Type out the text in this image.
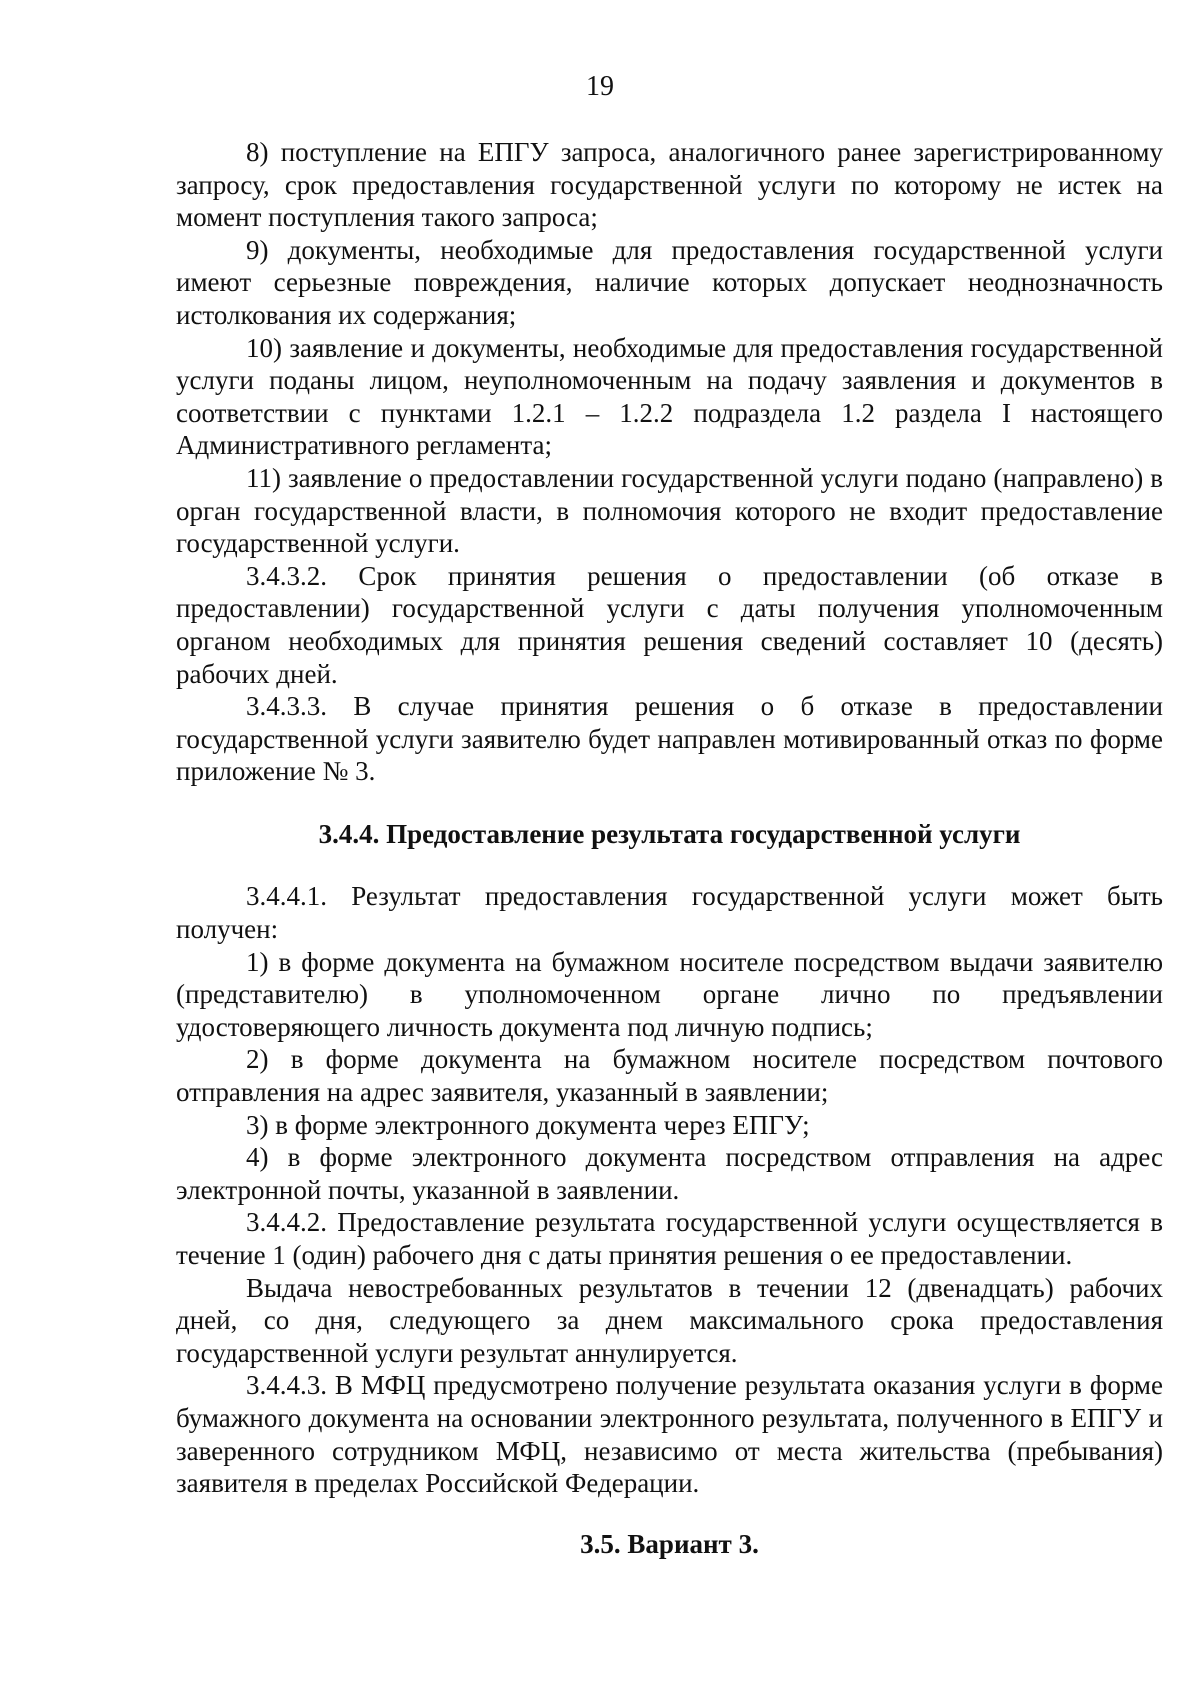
19

8) поступление на ЕПГУ запроса, аналогичного ранее зарегистрированному запросу, срок предоставления государственной услуги по которому не истек на момент поступления такого запроса;

9) документы, необходимые для предоставления государственной услуги имеют серьезные повреждения, наличие которых допускает неоднозначность истолкования их содержания;

10) заявление и документы, необходимые для предоставления государственной услуги поданы лицом, неуполномоченным на подачу заявления и документов в соответствии с пунктами 1.2.1 – 1.2.2 подраздела 1.2 раздела I настоящего Административного регламента;

11) заявление о предоставлении государственной услуги подано (направлено) в орган государственной власти, в полномочия которого не входит предоставление государственной услуги.

3.4.3.2. Срок принятия решения о предоставлении (об отказе в предоставлении) государственной услуги с даты получения уполномоченным органом необходимых для принятия решения сведений составляет 10 (десять) рабочих дней.

3.4.3.3. В случае принятия решения о б отказе в предоставлении государственной услуги заявителю будет направлен мотивированный отказ по форме приложение № 3.

3.4.4. Предоставление результата государственной услуги

3.4.4.1. Результат предоставления государственной услуги может быть получен:

1) в форме документа на бумажном носителе посредством выдачи заявителю (представителю) в уполномоченном органе лично по предъявлении удостоверяющего личность документа под личную подпись;

2) в форме документа на бумажном носителе посредством почтового отправления на адрес заявителя, указанный в заявлении;

3) в форме электронного документа через ЕПГУ;

4) в форме электронного документа посредством отправления на адрес электронной почты, указанной в заявлении.

3.4.4.2. Предоставление результата государственной услуги осуществляется в течение 1 (один) рабочего дня с даты принятия решения о ее предоставлении.

Выдача невостребованных результатов в течении 12 (двенадцать) рабочих дней, со дня, следующего за днем максимального срока предоставления государственной услуги результат аннулируется.

3.4.4.3. В МФЦ предусмотрено получение результата оказания услуги в форме бумажного документа на основании электронного результата, полученного в ЕПГУ и заверенного сотрудником МФЦ, независимо от места жительства (пребывания) заявителя в пределах Российской Федерации.

3.5. Вариант 3.
